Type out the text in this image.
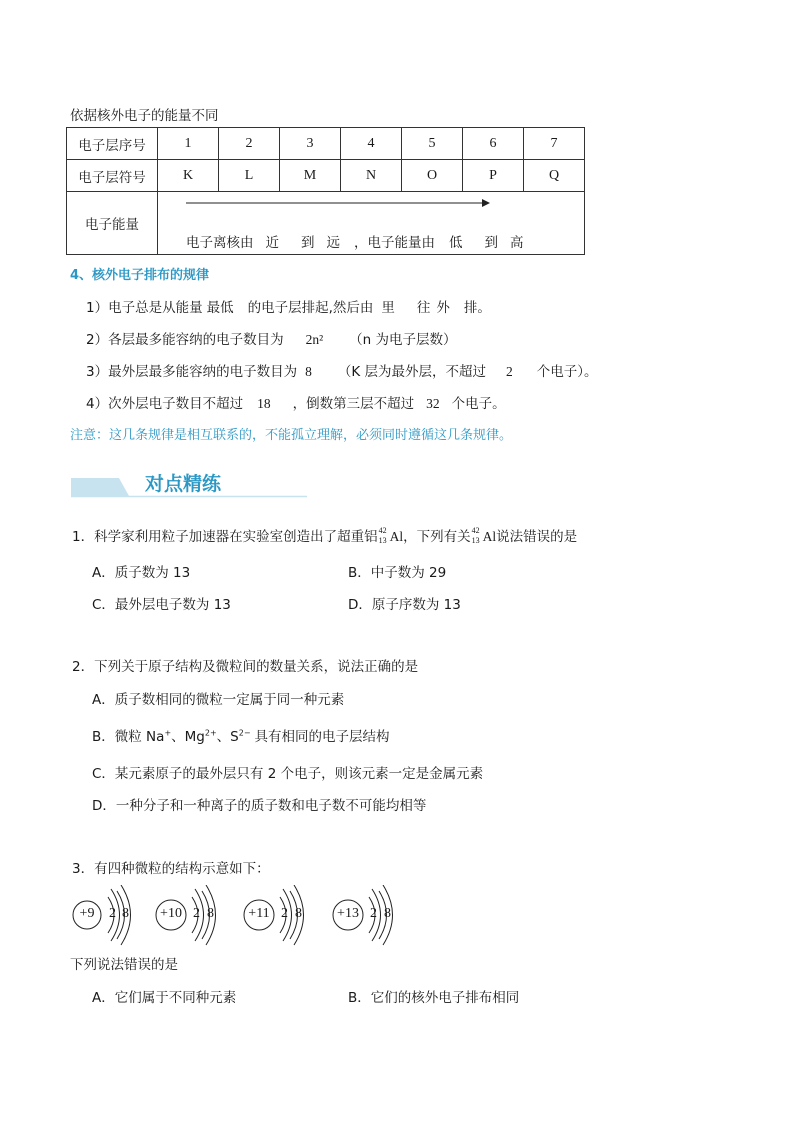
依据核外电子的能量不同
电子层序号	1	2	3	4	5	6	7
电子层符号	K	L	M	N	O	P	Q
电子能量	电子离核由 近 到 远 ，电子能量由 低 到 高						
4、核外电子排布的规律
1）电子总是从能量 最低 的电子层排起,然后由 里 往 外 排。
2）各层最多能容纳的电子数目为 2n² （n 为电子层数）
3）最外层最多能容纳的电子数目为 8 （K 层为最外层，不超过 2 个电子）。
4）次外层电子数目不超过 18 ，倒数第三层不超过 32 个电子。
注意：这几条规律是相互联系的，不能孤立理解，必须同时遵循这几条规律。
对点精练
1．科学家利用粒子加速器在实验室创造出了超重铝 42
13 Al，下列有关 42
13 Al说法错误的是
A．质子数为 13	B．中子数为 29
C．最外层电子数为 13	D．原子序数为 13
2．下列关于原子结构及微粒间的数量关系，说法正确的是
A．质子数相同的微粒一定属于同一种元素
B．微粒 Na+、$Mg^{2+}$、$S^{2-}$ 具有相同的电子层结构
C．某元素原子的最外层只有 2 个电子，则该元素一定是金属元素
D．一种分子和一种离子的质子数和电子数不可能均相等
3．有四种微粒的结构示意如下：
+9	2 8	+10 2 8	+11 2 8	+13 2 8
下列说法错误的是
A．它们属于不同种元素	B．它们的核外电子排布相同
